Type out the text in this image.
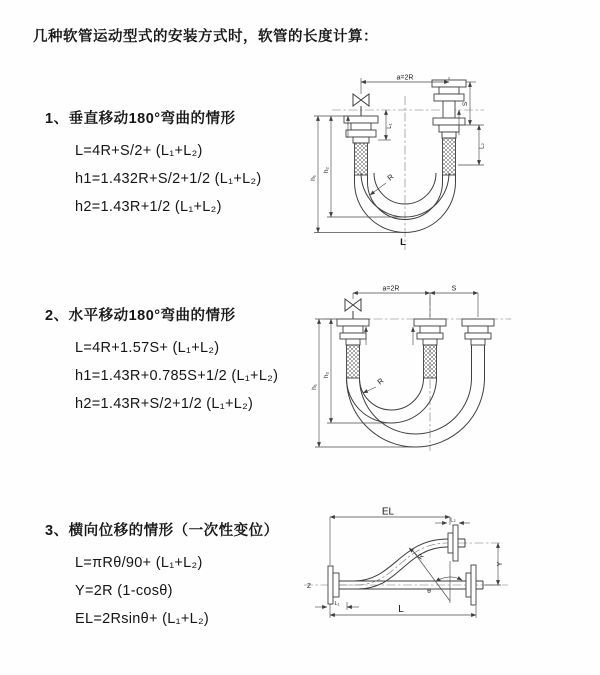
几种软管运动型式的安装方式时，软管的长度计算：
1、垂直移动180°弯曲的情形
L=4R+S/2+ (L₁+L₂)
h1=1.432R+S/2+1/2 (L₁+L₂)
h2=1.43R+1/2 (L₁+L₂)
2、水平移动180°弯曲的情形
L=4R+1.57S+ (L₁+L₂)
h1=1.43R+0.785S+1/2 (L₁+L₂)
h2=1.43R+S/2+1/2 (L₁+L₂)
3、横向位移的情形（一次性变位）
L=πRθ/90+ (L₁+L₂)
Y=2R (1-cosθ)
EL=2Rsinθ+ (L₁+L₂)
a=2R
h₁
h₂
L₁
S
L₂
R
L
a=2R	S
h₁
h₂
R
Z
EL
L₂
Y
L
L₁
R
θ
